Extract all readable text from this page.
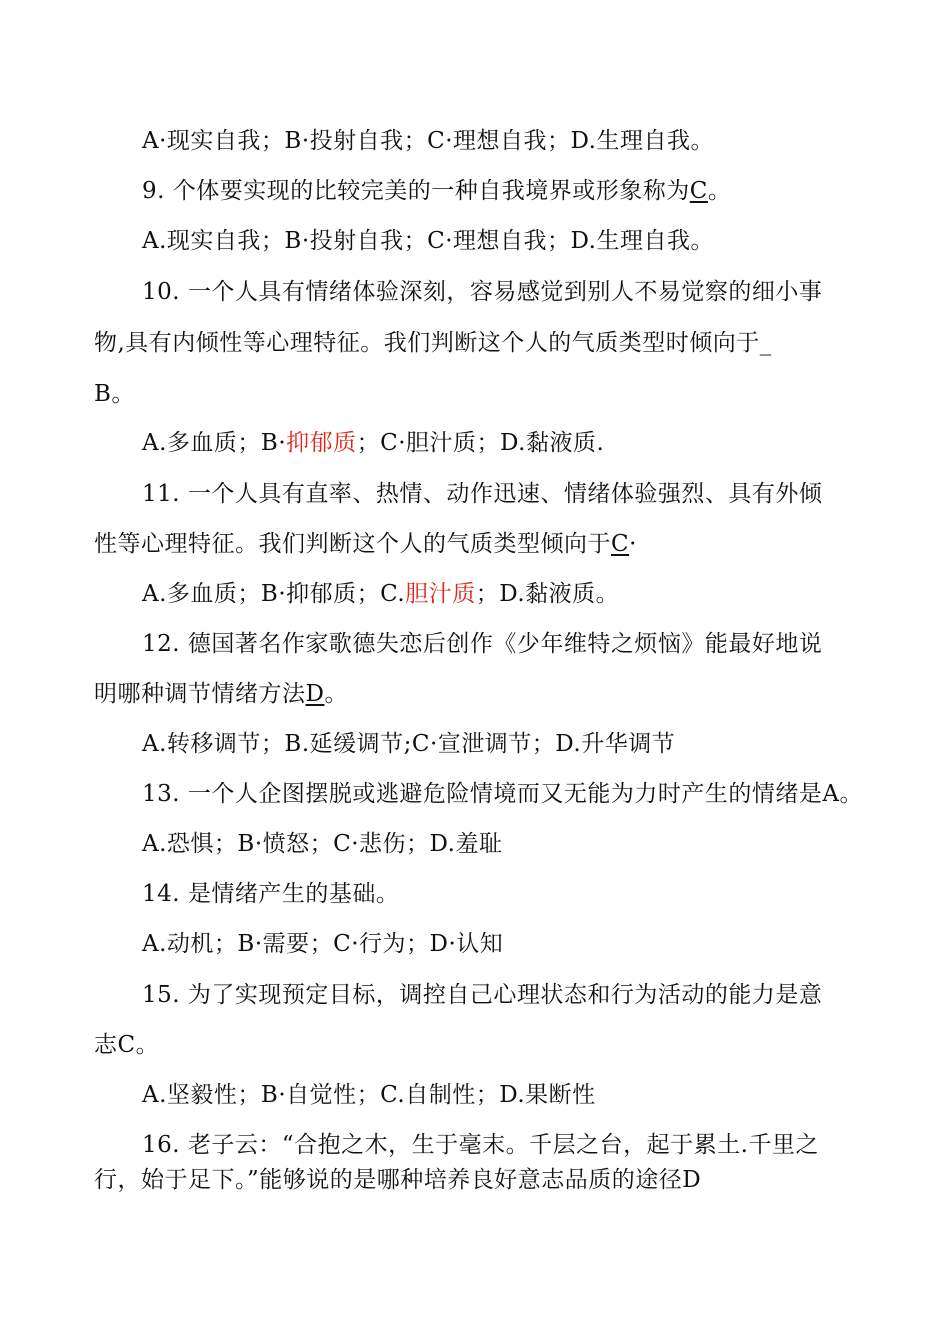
A·现实自我；B·投射自我；C·理想自我；D.生理自我。
9. 个体要实现的比较完美的一种自我境界或形象称为C。
A.现实自我；B·投射自我；C·理想自我；D.生理自我。
10. 一个人具有情绪体验深刻，容易感觉到别人不易觉察的细小事
物,具有内倾性等心理特征。我们判断这个人的气质类型时倾向于_
B。
A.多血质；B·抑郁质；C·胆汁质；D.黏液质.
11. 一个人具有直率、热情、动作迅速、情绪体验强烈、具有外倾
性等心理特征。我们判断这个人的气质类型倾向于C·
A.多血质；B·抑郁质；C.胆汁质；D.黏液质。
12. 德国著名作家歌德失恋后创作《少年维特之烦恼》能最好地说
明哪种调节情绪方法D。
A.转移调节；B.延缓调节;C·宣泄调节；D.升华调节
13. 一个人企图摆脱或逃避危险情境而又无能为力时产生的情绪是A。
A.恐惧；B·愤怒；C·悲伤；D.羞耻
14. 是情绪产生的基础。
A.动机；B·需要；C·行为；D·认知
15. 为了实现预定目标，调控自己心理状态和行为活动的能力是意
志C。
A.坚毅性；B·自觉性；C.自制性；D.果断性
16. 老子云：“合抱之木，生于毫末。千层之台，起于累土.千里之
行，始于足下。”能够说的是哪种培养良好意志品质的途径D
